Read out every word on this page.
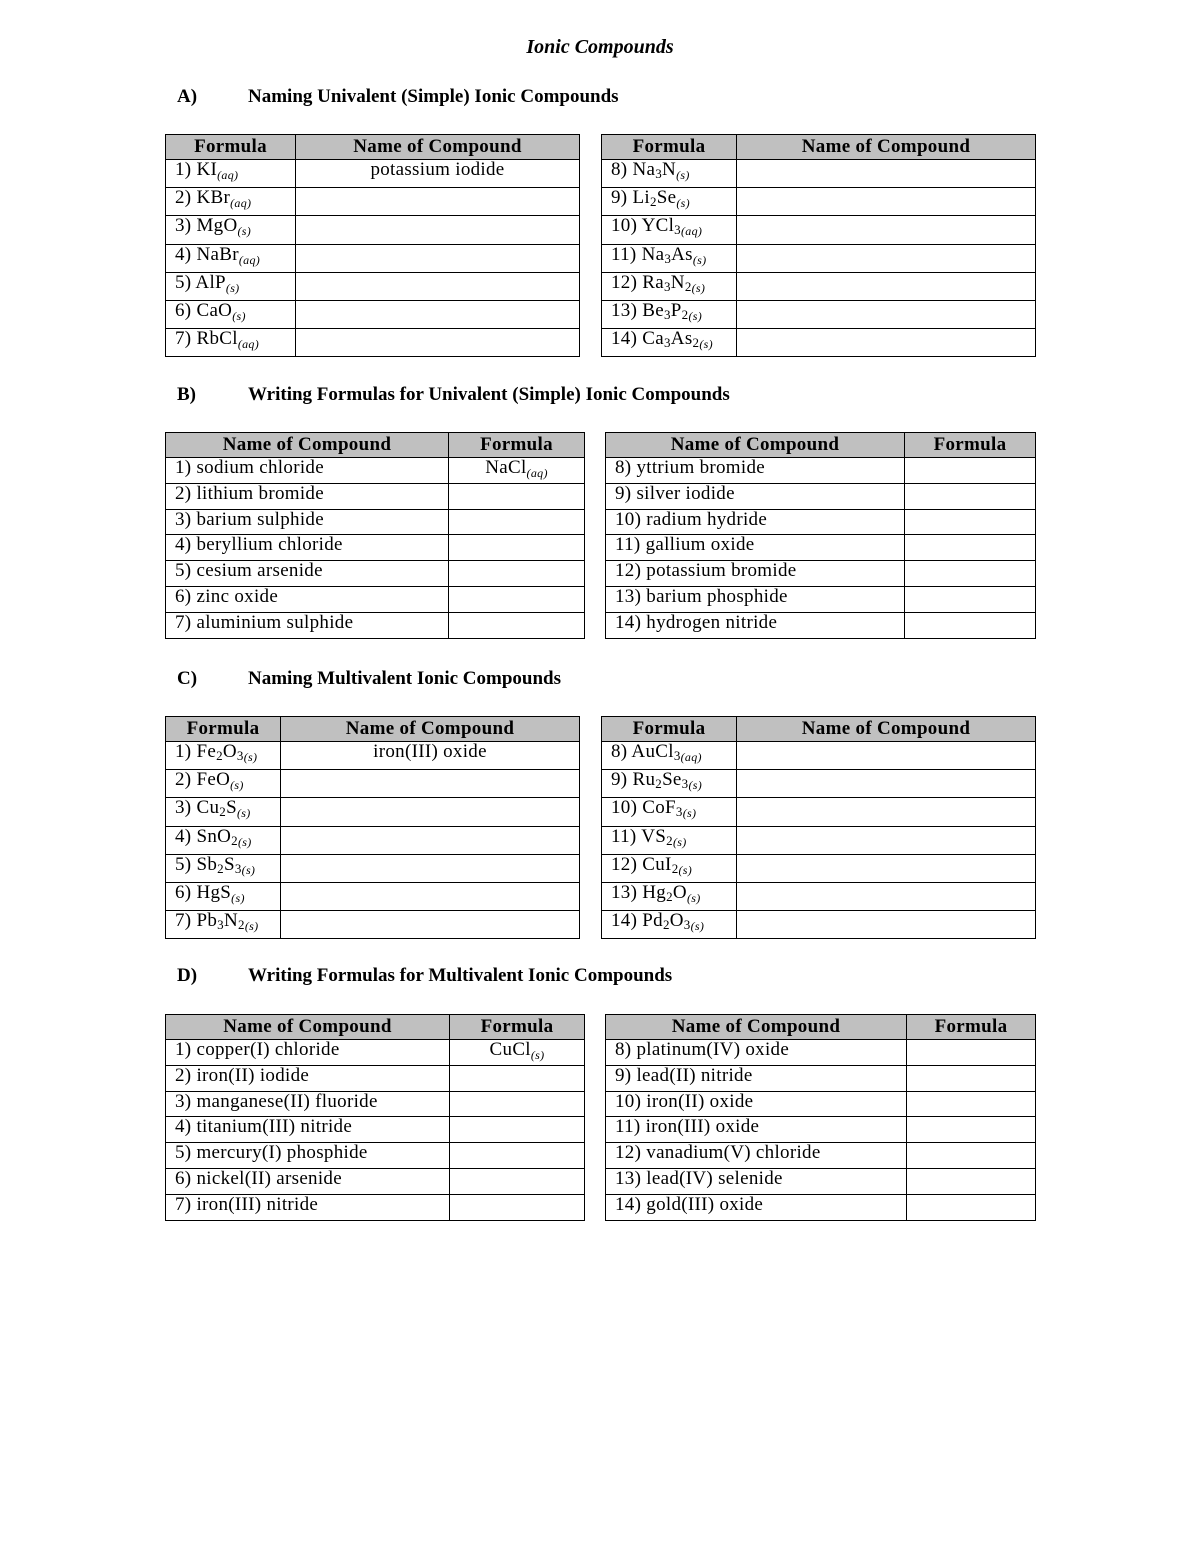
Ionic Compounds
A)	Naming Univalent (Simple) Ionic Compounds
Formula	Name of Compound
1) $KI_{(aq)}$	potassium iodide
2) KBr$_{(aq)}$	
3) MgO$_{(s)}$	
4) NaBr$_{(aq)}$	
5) AlP$_{(s)}$	
6) CaO$_{(s)}$	
7) RbCl$_{(aq)}$	
Formula	Name of Compound
8) $Na_3N_{(s)}$	
9) $Li_2Se_{(s)}$	
10) YCl$_{3(aq)}$	
11) $Na_3As_{(s)}$	
12) $Ra_3N_{2(s)}$	
13) $Be_3P_{2(s)}$	
14) $Ca_3As_{2(s)}$	
B)	Writing Formulas for Univalent (Simple) Ionic Compounds
Name of Compound	Formula
1) sodium chloride	NaCl$_{(aq)}$
2) lithium bromide	
3) barium sulphide	
4) beryllium chloride	
5) cesium arsenide	
6) zinc oxide	
7) aluminium sulphide	
Name of Compound	Formula
8) yttrium bromide	
9) silver iodide	
10) radium hydride	
11) gallium oxide	
12) potassium bromide	
13) barium phosphide	
14) hydrogen nitride	
C)	Naming Multivalent Ionic Compounds
Formula	Name of Compound
1) $Fe_2O_{3(s)}$	iron(III) oxide
2) FeO$_{(s)}$	
3) $Cu_2S_{(s)}$	
4) SnO$_{2(s)}$	
5) $Sb_2S_{3(s)}$	
6) HgS$_{(s)}$	
7) $Pb_3N_{2(s)}$	
Formula	Name of Compound
8) AuCl$_{3(aq)}$	
9) $Ru_2Se_{3(s)}$	
10) CoF$_{3(s)}$	
11) $VS_{2(s)}$	
12) CuI$_{2(s)}$	
13) $Hg_2O_{(s)}$	
14) $Pd_2O_{3(s)}$	
D)	Writing Formulas for Multivalent Ionic Compounds
Name of Compound	Formula
1) copper(I) chloride	CuCl$_{(s)}$
2) iron(II) iodide	
3) manganese(II) fluoride	
4) titanium(III) nitride	
5) mercury(I) phosphide	
6) nickel(II) arsenide	
7) iron(III) nitride	
Name of Compound	Formula
8) platinum(IV) oxide	
9) lead(II) nitride	
10) iron(II) oxide	
11) iron(III) oxide	
12) vanadium(V) chloride	
13) lead(IV) selenide	
14) gold(III) oxide	
